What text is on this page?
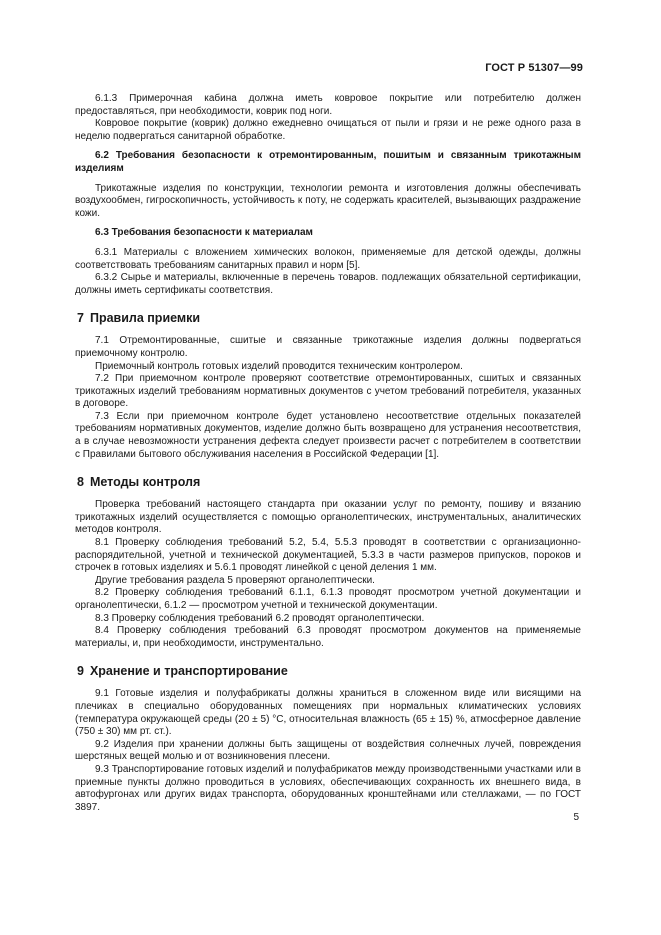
ГОСТ Р 51307—99

6.1.3 Примерочная кабина должна иметь ковровое покрытие или потребителю должен предоставляться, при необходимости, коврик под ноги.

Ковровое покрытие (коврик) должно ежедневно очищаться от пыли и грязи и не реже одного раза в неделю подвергаться санитарной обработке.

6.2 Требования безопасности к отремонтированным, пошитым и связанным трикотажным изделиям

Трикотажные изделия по конструкции, технологии ремонта и изготовления должны обеспечивать воздухообмен, гигроскопичность, устойчивость к поту, не содержать красителей, вызывающих раздражение кожи.

6.3 Требования безопасности к материалам

6.3.1 Материалы с вложением химических волокон, применяемые для детской одежды, должны соответствовать требованиям санитарных правил и норм [5].

6.3.2 Сырье и материалы, включенные в перечень товаров. подлежащих обязательной сертификации, должны иметь сертификаты соответствия.

7 Правила приемки

7.1 Отремонтированные, сшитые и связанные трикотажные изделия должны подвергаться приемочному контролю.

Приемочный контроль готовых изделий проводится техническим контролером.

7.2 При приемочном контроле проверяют соответствие отремонтированных, сшитых и связанных трикотажных изделий требованиям нормативных документов с учетом требований потребителя, указанных в договоре.

7.3 Если при приемочном контроле будет установлено несоответствие отдельных показателей требованиям нормативных документов, изделие должно быть возвращено для устранения несоответствия, а в случае невозможности устранения дефекта следует произвести расчет с потребителем в соответствии с Правилами бытового обслуживания населения в Российской Федерации [1].

8 Методы контроля

Проверка требований настоящего стандарта при оказании услуг по ремонту, пошиву и вязанию трикотажных изделий осуществляется с помощью органолептических, инструментальных, аналитических методов контроля.

8.1 Проверку соблюдения требований 5.2, 5.4, 5.5.3 проводят в соответствии с организационно-распорядительной, учетной и технической документацией, 5.3.3 в части размеров припусков, пороков и строчек в готовых изделиях и 5.6.1 проводят линейкой с ценой деления 1 мм.

Другие требования раздела 5 проверяют органолептически.

8.2 Проверку соблюдения требований 6.1.1, 6.1.3 проводят просмотром учетной документации и органолептически, 6.1.2 — просмотром учетной и технической документации.

8.3 Проверку соблюдения требований 6.2 проводят органолептически.

8.4 Проверку соблюдения требований 6.3 проводят просмотром документов на применяемые материалы, и, при необходимости, инструментально.

9 Хранение и транспортирование

9.1 Готовые изделия и полуфабрикаты должны храниться в сложенном виде или висящими на плечиках в специально оборудованных помещениях при нормальных климатических условиях (температура окружающей среды (20 ± 5) °С, относительная влажность (65 ± 15) %, атмосферное давление (750 ± 30) мм рт. ст.).

9.2 Изделия при хранении должны быть защищены от воздействия солнечных лучей, повреждения шерстяных вещей молью и от возникновения плесени.

9.3 Транспортирование готовых изделий и полуфабрикатов между производственными участками или в приемные пункты должно проводиться в условиях, обеспечивающих сохранность их внешнего вида, в автофургонах или других видах транспорта, оборудованных кронштейнами или стеллажами, — по ГОСТ 3897.

5
